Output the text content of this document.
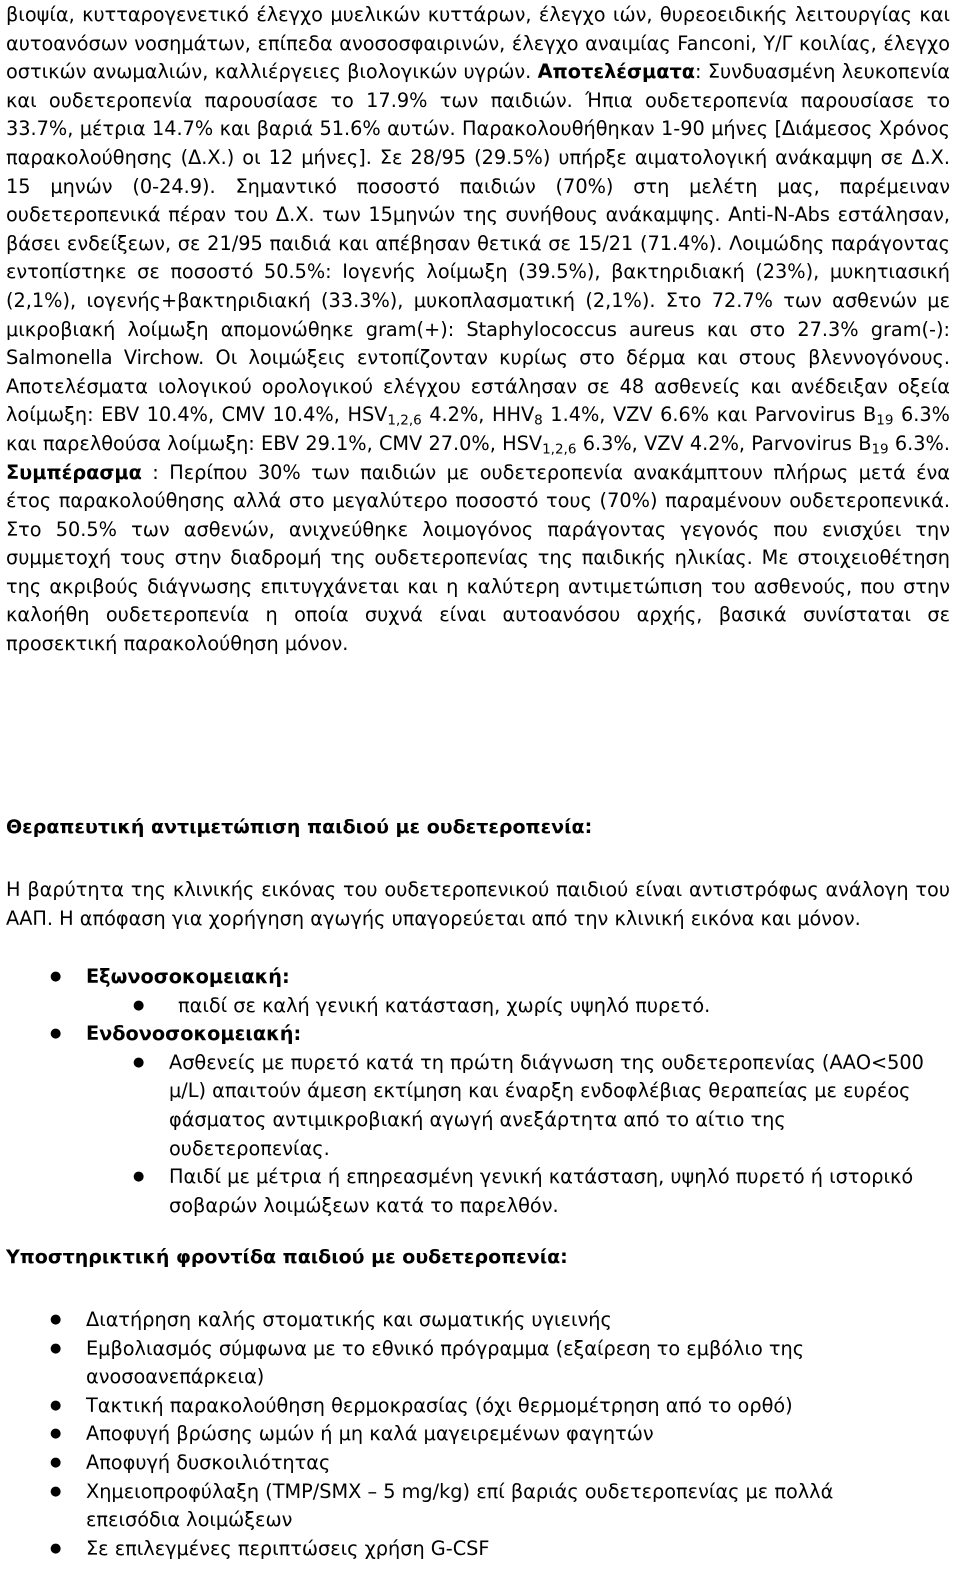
βιοψία, κυτταρογενετικό έλεγχο μυελικών κυττάρων, έλεγχο ιών, θυρεοειδικής λειτουργίας και αυτοανόσων νοσημάτων, επίπεδα ανοσοσφαιρινών, έλεγχο αναιμίας Fanconi, Υ/Γ κοιλίας, έλεγχο οστικών ανωμαλιών, καλλιέργειες βιολογικών υγρών. Αποτελέσματα: Συνδυασμένη λευκοπενία και ουδετεροπενία παρουσίασε το 17.9% των παιδιών. Ήπια ουδετεροπενία παρουσίασε το 33.7%, μέτρια 14.7% και βαριά 51.6% αυτών. Παρακολουθήθηκαν 1-90 μήνες [Διάμεσος Χρόνος παρακολούθησης (Δ.Χ.) οι 12 μήνες]. Σε 28/95 (29.5%) υπήρξε αιματολογική ανάκαμψη σε Δ.Χ. 15 μηνών (0-24.9). Σημαντικό ποσοστό παιδιών (70%) στη μελέτη μας, παρέμειναν ουδετεροπενικά πέραν του Δ.Χ. των 15μηνών της συνήθους ανάκαμψης. Anti-N-Abs εστάλησαν, βάσει ενδείξεων, σε 21/95 παιδιά και απέβησαν θετικά σε 15/21 (71.4%). Λοιμώδης παράγοντας εντοπίστηκε σε ποσοστό 50.5%: Ιογενής λοίμωξη (39.5%), βακτηριδιακή (23%), μυκητιασική (2,1%), ιογενής+βακτηριδιακή (33.3%), μυκοπλασματική (2,1%). Στο 72.7% των ασθενών με μικροβιακή λοίμωξη απομονώθηκε gram(+): Staphylococcus aureus και στο 27.3% gram(-): Salmonella Virchow. Οι λοιμώξεις εντοπίζονταν κυρίως στο δέρμα και στους βλεννογόνους. Αποτελέσματα ιολογικού ορολογικού ελέγχου εστάλησαν σε 48 ασθενείς και ανέδειξαν οξεία λοίμωξη: EBV 10.4%, CMV 10.4%, $HSV_{1,2,6}$ 4.2%, $HHV_8$ 1.4%, VZV 6.6% και Parvovirus $B_{19}$ 6.3% και παρελθούσα λοίμωξη: EBV 29.1%, CMV 27.0%, $HSV_{1,2,6}$ 6.3%, VZV 4.2%, Parvovirus $B_{19}$ 6.3%. Συμπέρασμα : Περίπου 30% των παιδιών με ουδετεροπενία ανακάμπτουν πλήρως μετά ένα έτος παρακολούθησης αλλά στο μεγαλύτερο ποσοστό τους (70%) παραμένουν ουδετεροπενικά. Στο 50.5% των ασθενών, ανιχνεύθηκε λοιμογόνος παράγοντας γεγονός που ενισχύει την συμμετοχή τους στην διαδρομή της ουδετεροπενίας της παιδικής ηλικίας. Με στοιχειοθέτηση της ακριβούς διάγνωσης επιτυγχάνεται και η καλύτερη αντιμετώπιση του ασθενούς, που στην καλοήθη ουδετεροπενία η οποία συχνά είναι αυτοανόσου αρχής, βασικά συνίσταται σε προσεκτική παρακολούθηση μόνον.

Θεραπευτική αντιμετώπιση παιδιού με ουδετεροπενία:

Η βαρύτητα της κλινικής εικόνας του ουδετεροπενικού παιδιού είναι αντιστρόφως ανάλογη του ΑΑΠ. Η απόφαση για χορήγηση αγωγής υπαγορεύεται από την κλινική εικόνα και μόνον.

● Εξωνοσοκομειακή:
● παιδί σε καλή γενική κατάσταση, χωρίς υψηλό πυρετό.
● Ενδονοσοκομειακή:
● Ασθενείς με πυρετό κατά τη πρώτη διάγνωση της ουδετεροπενίας (ΑΑΟ<500 μ/L) απαιτούν άμεση εκτίμηση και έναρξη ενδοφλέβιας θεραπείας με ευρέος φάσματος αντιμικροβιακή αγωγή ανεξάρτητα από το αίτιο της ουδετεροπενίας.
● Παιδί με μέτρια ή επηρεασμένη γενική κατάσταση, υψηλό πυρετό ή ιστορικό σοβαρών λοιμώξεων κατά το παρελθόν.
Υποστηρικτική φροντίδα παιδιού με ουδετεροπενία:
● Διατήρηση καλής στοματικής και σωματικής υγιεινής
● Εμβολιασμός σύμφωνα με το εθνικό πρόγραμμα (εξαίρεση το εμβόλιο της ανοσοανεπάρκεια)
● Τακτική παρακολούθηση θερμοκρασίας (όχι θερμομέτρηση από το ορθό)
● Αποφυγή βρώσης ωμών ή μη καλά μαγειρεμένων φαγητών
● Αποφυγή δυσκοιλιότητας
● Χημειοπροφύλαξη (TMP/SMX – 5 mg/kg) επί βαριάς ουδετεροπενίας με πολλά επεισόδια λοιμώξεων
● Σε επιλεγμένες περιπτώσεις χρήση G-CSF
